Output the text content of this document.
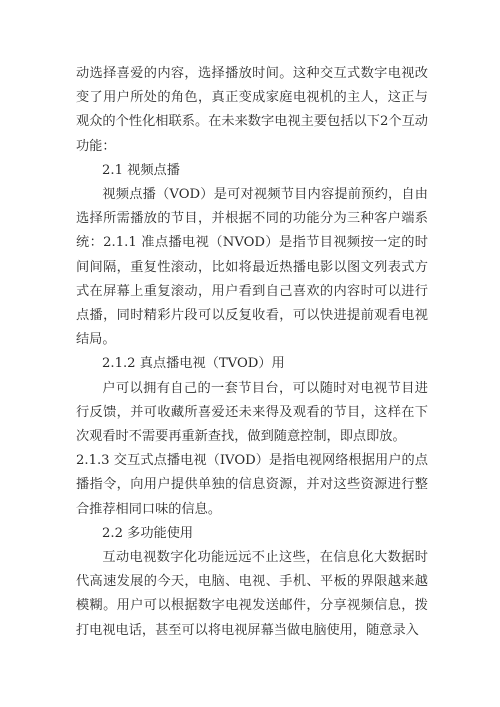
动选择喜爱的内容，选择播放时间。这种交互式数字电视改变了用户所处的角色，真正变成家庭电视机的主人，这正与观众的个性化相联系。在未来数字电视主要包括以下2个互动功能：

2.1 视频点播

视频点播（VOD）是可对视频节目内容提前预约，自由选择所需播放的节目，并根据不同的功能分为三种客户端系统：2.1.1 准点播电视（NVOD）是指节目视频按一定的时间间隔，重复性滚动，比如将最近热播电影以图文列表式方式在屏幕上重复滚动，用户看到自己喜欢的内容时可以进行点播，同时精彩片段可以反复收看，可以快进提前观看电视结局。

2.1.2 真点播电视（TVOD）用

户可以拥有自己的一套节目台，可以随时对电视节目进行反馈，并可收藏所喜爱还未来得及观看的节目，这样在下次观看时不需要再重新查找，做到随意控制，即点即放。

2.1.3 交互式点播电视（IVOD）是指电视网络根据用户的点播指令，向用户提供单独的信息资源，并对这些资源进行整合推荐相同口味的信息。

2.2 多功能使用

互动电视数字化功能远远不止这些，在信息化大数据时代高速发展的今天，电脑、电视、手机、平板的界限越来越模糊。用户可以根据数字电视发送邮件，分享视频信息，拨打电视电话，甚至可以将电视屏幕当做电脑使用，随意录入
